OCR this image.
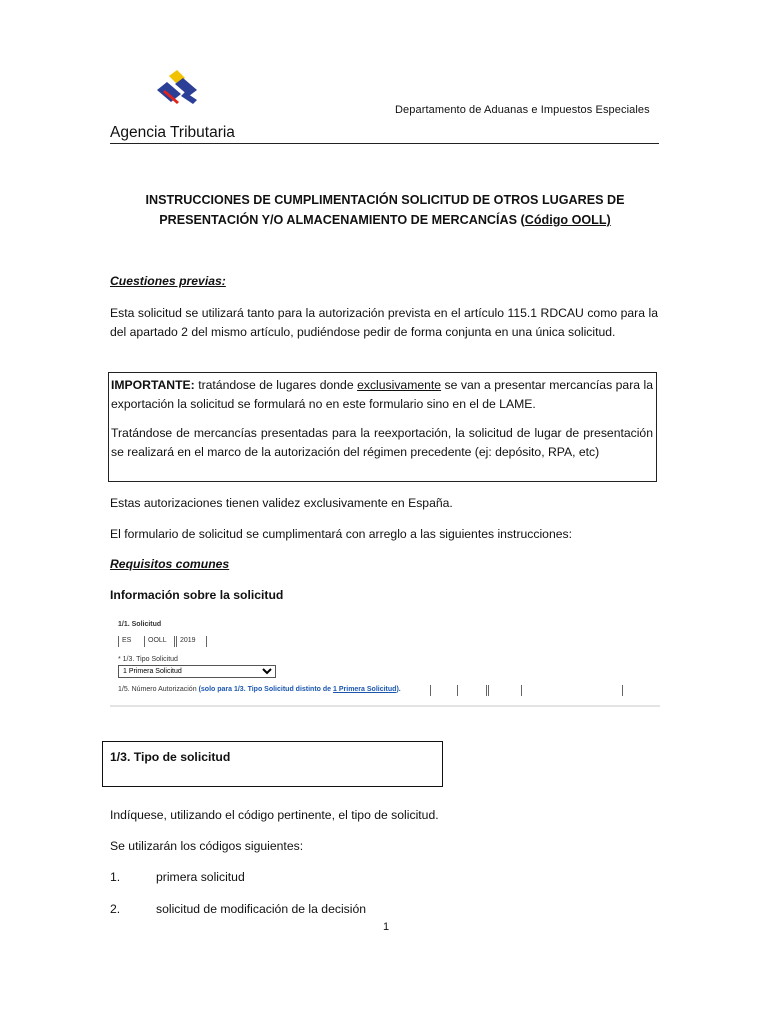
Departamento de Aduanas e Impuestos Especiales
Agencia Tributaria
INSTRUCCIONES DE CUMPLIMENTACIÓN SOLICITUD DE OTROS LUGARES DE
PRESENTACIÓN Y/O ALMACENAMIENTO DE MERCANCÍAS (Código OOLL)
Cuestiones previas:
Esta solicitud se utilizará tanto para la autorización prevista en el artículo 115.1 RDCAU como para la del apartado 2 del mismo artículo, pudiéndose pedir de forma conjunta en una única solicitud.
IMPORTANTE: tratándose de lugares donde exclusivamente se van a presentar mercancías para la exportación la solicitud se formulará no en este formulario sino en el de LAME.
Tratándose de mercancías presentadas para la reexportación, la solicitud de lugar de presentación se realizará en el marco de la autorización del régimen precedente (ej: depósito, RPA, etc)
Estas autorizaciones tienen validez exclusivamente en España.
El formulario de solicitud se cumplimentará con arreglo a las siguientes instrucciones:
Requisitos comunes
Información sobre la solicitud
1/1. Solicitud
ES OOLL 2019
* 1/3. Tipo Solicitud
1 Primera Solicitud
1/5. Número Autorización (solo para 1/3. Tipo Solicitud distinto de 1 Primera Solicitud).
1/3. Tipo de solicitud
Indíquese, utilizando el código pertinente, el tipo de solicitud.
Se utilizarán los códigos siguientes:
1.	primera solicitud
2.	solicitud de modificación de la decisión
1
